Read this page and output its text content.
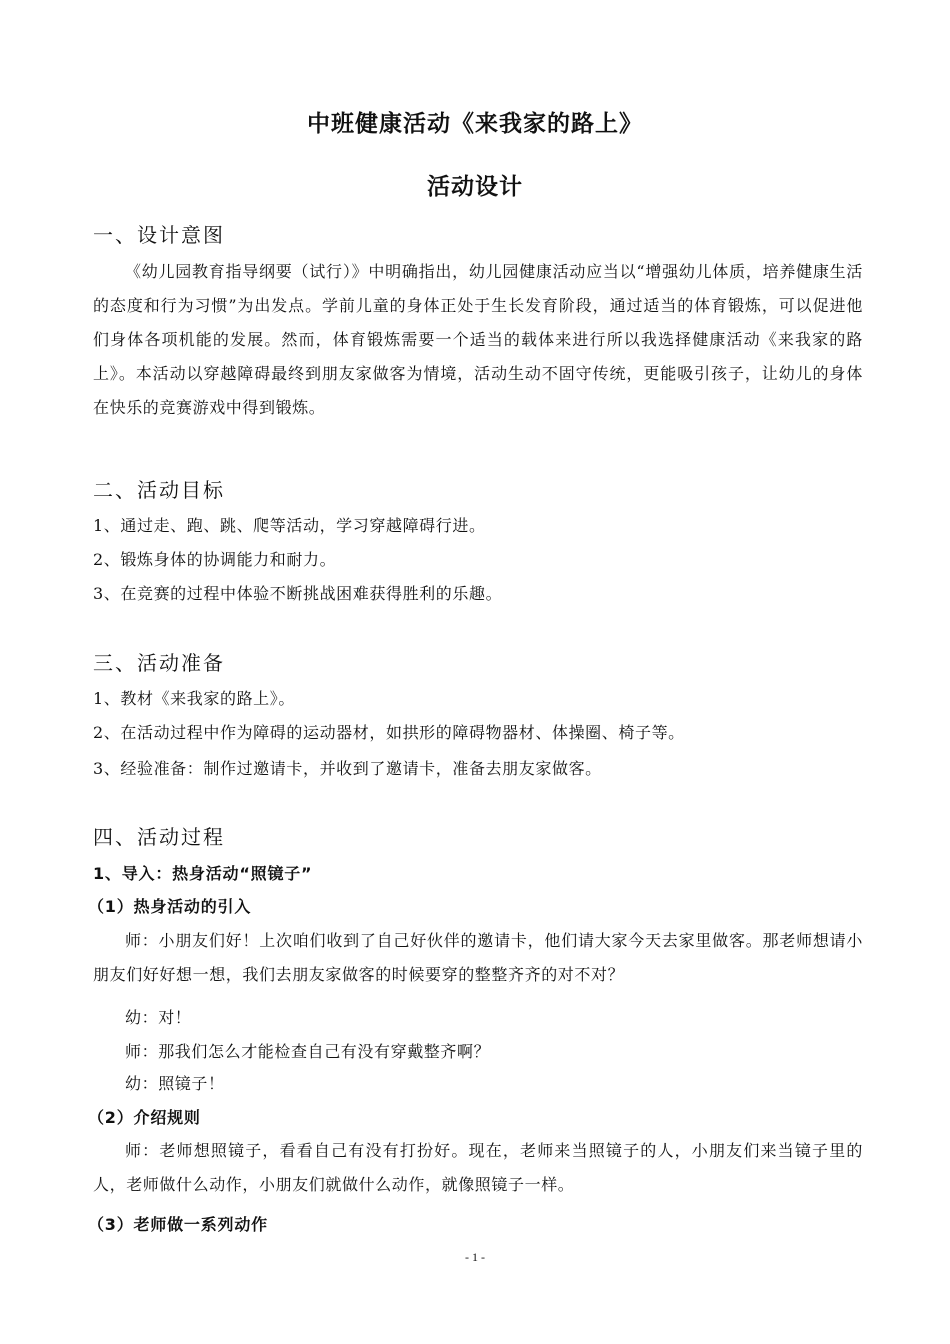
中班健康活动《来我家的路上》
活动设计
一、设计意图
《幼儿园教育指导纲要（试行）》中明确指出，幼儿园健康活动应当以“增强幼儿体质，培养健康生活的态度和行为习惯”为出发点。学前儿童的身体正处于生长发育阶段，通过适当的体育锻炼，可以促进他们身体各项机能的发展。然而，体育锻炼需要一个适当的载体来进行所以我选择健康活动《来我家的路上》。本活动以穿越障碍最终到朋友家做客为情境，活动生动不固守传统，更能吸引孩子，让幼儿的身体在快乐的竞赛游戏中得到锻炼。
二、活动目标
1、通过走、跑、跳、爬等活动，学习穿越障碍行进。
2、锻炼身体的协调能力和耐力。
3、在竞赛的过程中体验不断挑战困难获得胜利的乐趣。
三、活动准备
1、教材《来我家的路上》。
2、在活动过程中作为障碍的运动器材，如拱形的障碍物器材、体操圈、椅子等。
3、经验准备：制作过邀请卡，并收到了邀请卡，准备去朋友家做客。
四、活动过程
1、导入：热身活动“照镜子”
（1）热身活动的引入
师：小朋友们好！上次咱们收到了自己好伙伴的邀请卡，他们请大家今天去家里做客。那老师想请小朋友们好好想一想，我们去朋友家做客的时候要穿的整整齐齐的对不对？
幼：对！
师：那我们怎么才能检查自己有没有穿戴整齐啊？
幼：照镜子！
（2）介绍规则
师：老师想照镜子，看看自己有没有打扮好。现在，老师来当照镜子的人，小朋友们来当镜子里的人，老师做什么动作，小朋友们就做什么动作，就像照镜子一样。
（3）老师做一系列动作
- 1 -
